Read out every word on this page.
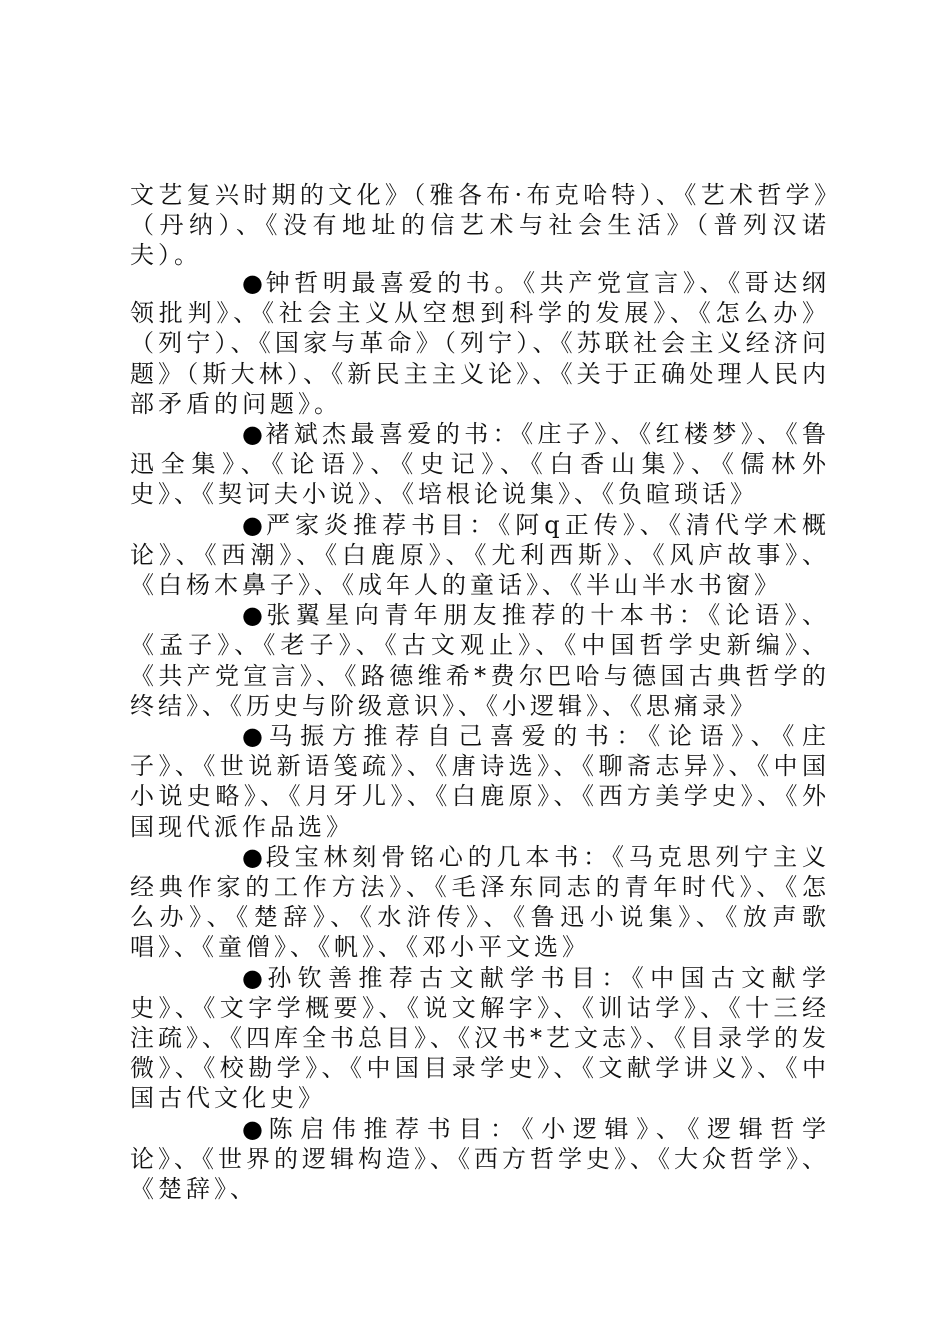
文艺复兴时期的文化》（雅各布·布克哈特）、《艺术哲学》（丹纳）、《没有地址的信艺术与社会生活》（普列汉诺夫）。

●钟哲明最喜爱的书。《共产党宣言》、《哥达纲领批判》、《社会主义从空想到科学的发展》、《怎么办》（列宁）、《国家与革命》（列宁）、《苏联社会主义经济问题》（斯大林）、《新民主主义论》、《关于正确处理人民内部矛盾的问题》。

●褚斌杰最喜爱的书：《庄子》、《红楼梦》、《鲁迅全集》、《论语》、《史记》、《白香山集》、《儒林外史》、《契诃夫小说》、《培根论说集》、《负暄琐话》

●严家炎推荐书目：《阿q正传》、《清代学术概论》、《西潮》、《白鹿原》、《尤利西斯》、《风庐故事》、《白杨木鼻子》、《成年人的童话》、《半山半水书窗》

●张翼星向青年朋友推荐的十本书：《论语》、《孟子》、《老子》、《古文观止》、《中国哲学史新编》、《共产党宣言》、《路德维希*费尔巴哈与德国古典哲学的终结》、《历史与阶级意识》、《小逻辑》、《思痛录》

●马振方推荐自己喜爱的书：《论语》、《庄子》、《世说新语笺疏》、《唐诗选》、《聊斋志异》、《中国小说史略》、《月牙儿》、《白鹿原》、《西方美学史》、《外国现代派作品选》

●段宝林刻骨铭心的几本书：《马克思列宁主义经典作家的工作方法》、《毛泽东同志的青年时代》、《怎么办》、《楚辞》、《水浒传》、《鲁迅小说集》、《放声歌唱》、《童僧》、《帆》、《邓小平文选》

●孙钦善推荐古文献学书目：《中国古文献学史》、《文字学概要》、《说文解字》、《训诂学》、《十三经注疏》、《四库全书总目》、《汉书*艺文志》、《目录学的发微》、《校勘学》、《中国目录学史》、《文献学讲义》、《中国古代文化史》

●陈启伟推荐书目：《小逻辑》、《逻辑哲学论》、《世界的逻辑构造》、《西方哲学史》、《大众哲学》、《楚辞》、
